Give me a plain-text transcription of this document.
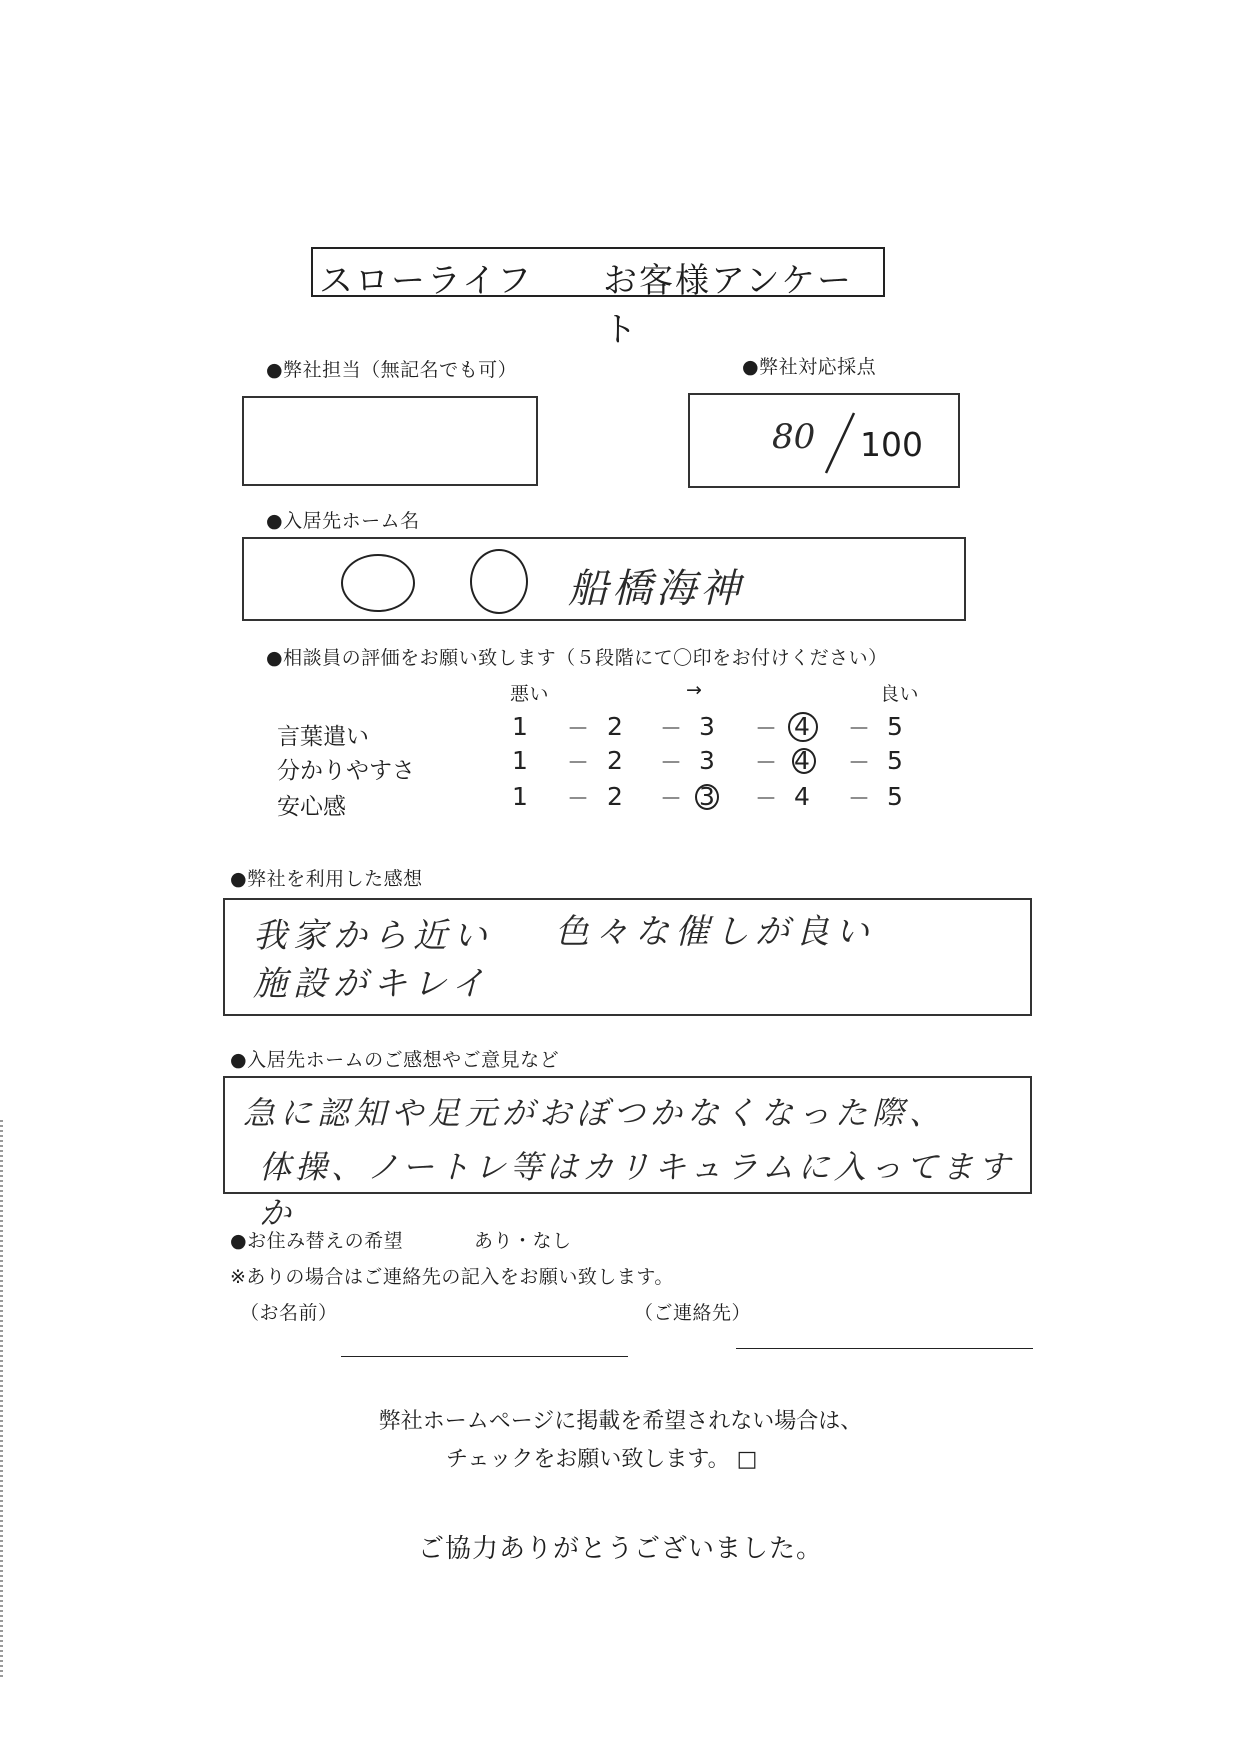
スローライフ お客様アンケート
●弊社担当（無記名でも可）	●弊社対応採点
80 100
●入居先ホーム名
船橋海神
●相談員の評価をお願い致します（５段階にて〇印をお付けください）
悪い	→	良い
言葉遣い	1	－ 2	－ 3	－ 4	－ 5
分かりやすさ	1	－ 2	－ 3	－ 4	－ 5
安心感	1	－ 2	－ 3	－ 4	－ 5
●弊社を利用した感想
我家から近い 色々な催しが良い
施設がキレイ
●入居先ホームのご感想やご意見など
急に認知や足元がおぼつかなくなった際、
体操、ノートレ等はカリキュラムに入ってますか
●お住み替えの希望	あり・なし
※ありの場合はご連絡先の記入をお願い致します。
（お名前）	（ご連絡先）
弊社ホームページに掲載を希望されない場合は、
チェックをお願い致します。 □
ご協力ありがとうございました。
